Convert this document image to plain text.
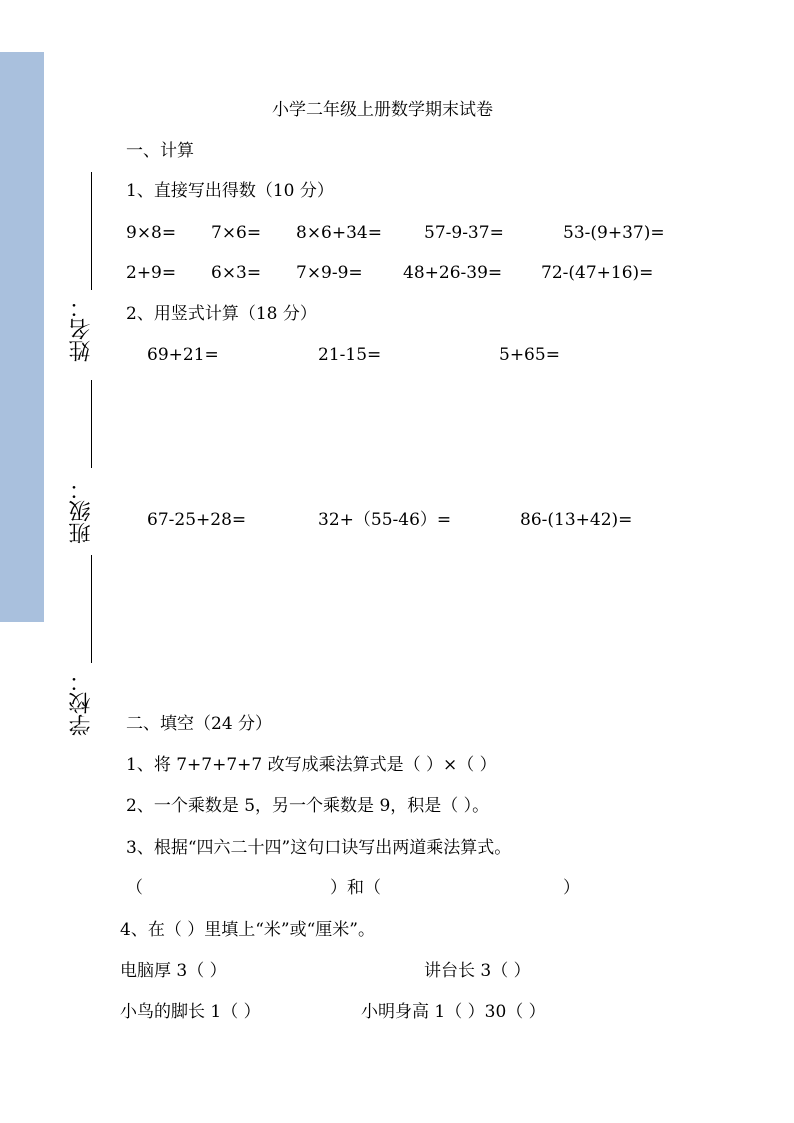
姓名：
班级：
学校：
小学二年级上册数学期末试卷
一、计算
1、直接写出得数（10 分）
9×8= 7×6= 8×6+34= 57-9-37=	53-(9+37)=
2+9= 6×3= 7×9-9= 48+26-39= 72-(47+16)=
2、用竖式计算（18 分）
69+21=	21-15=	5+65=
67-25+28=	32+（55-46）=	86-(13+42)=
二、填空（24 分）
1、将 7+7+7+7 改写成乘法算式是（ ）×（ ）
2、一个乘数是 5，另一个乘数是 9，积是（ ）。
3、根据“四六二十四”这句口诀写出两道乘法算式。
（	）和（	）
4、在（ ）里填上“米”或“厘米”。
电脑厚 3（ ）	讲台长 3（ ）
小鸟的脚长 1（ ）	小明身高 1（ ）30（ ）
